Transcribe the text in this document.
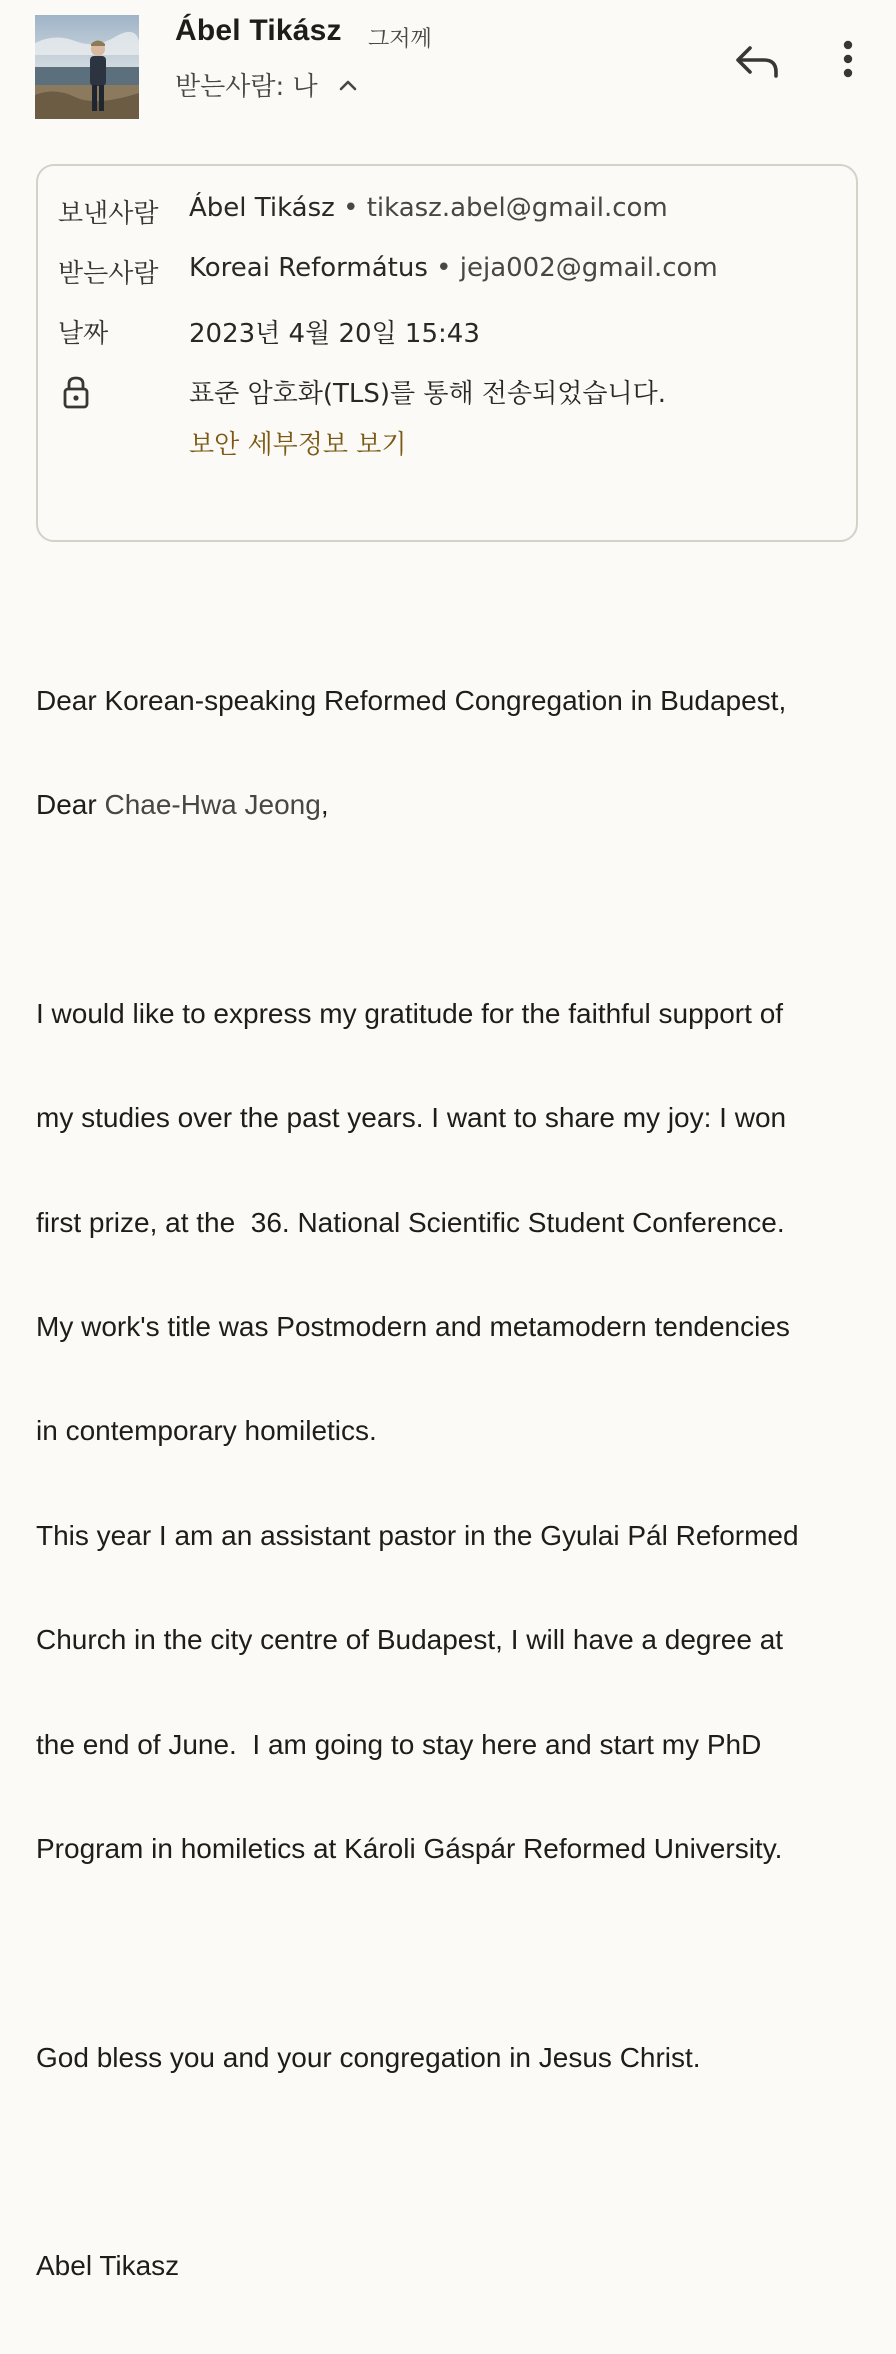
Ábel Tikász 그저께
받는사람: 나
보낸사람 Ábel Tikász • tikasz.abel@gmail.com
받는사람 Koreai Református • jeja002@gmail.com
날짜	2023년 4월 20일 15:43
표준 암호화(TLS)를 통해 전송되었습니다.
보안 세부정보 보기

Dear Korean-speaking Reformed Congregation in Budapest,

Dear Chae-Hwa Jeong,

I would like to express my gratitude for the faithful support of

my studies over the past years. I want to share my joy: I won

first prize, at the  36. National Scientific Student Conference.

My work's title was Postmodern and metamodern tendencies

in contemporary homiletics.

This year I am an assistant pastor in the Gyulai Pál Reformed

Church in the city centre of Budapest, I will have a degree at

the end of June.  I am going to stay here and start my PhD

Program in homiletics at Károli Gáspár Reformed University.

God bless you and your congregation in Jesus Christ.

Abel Tikasz
